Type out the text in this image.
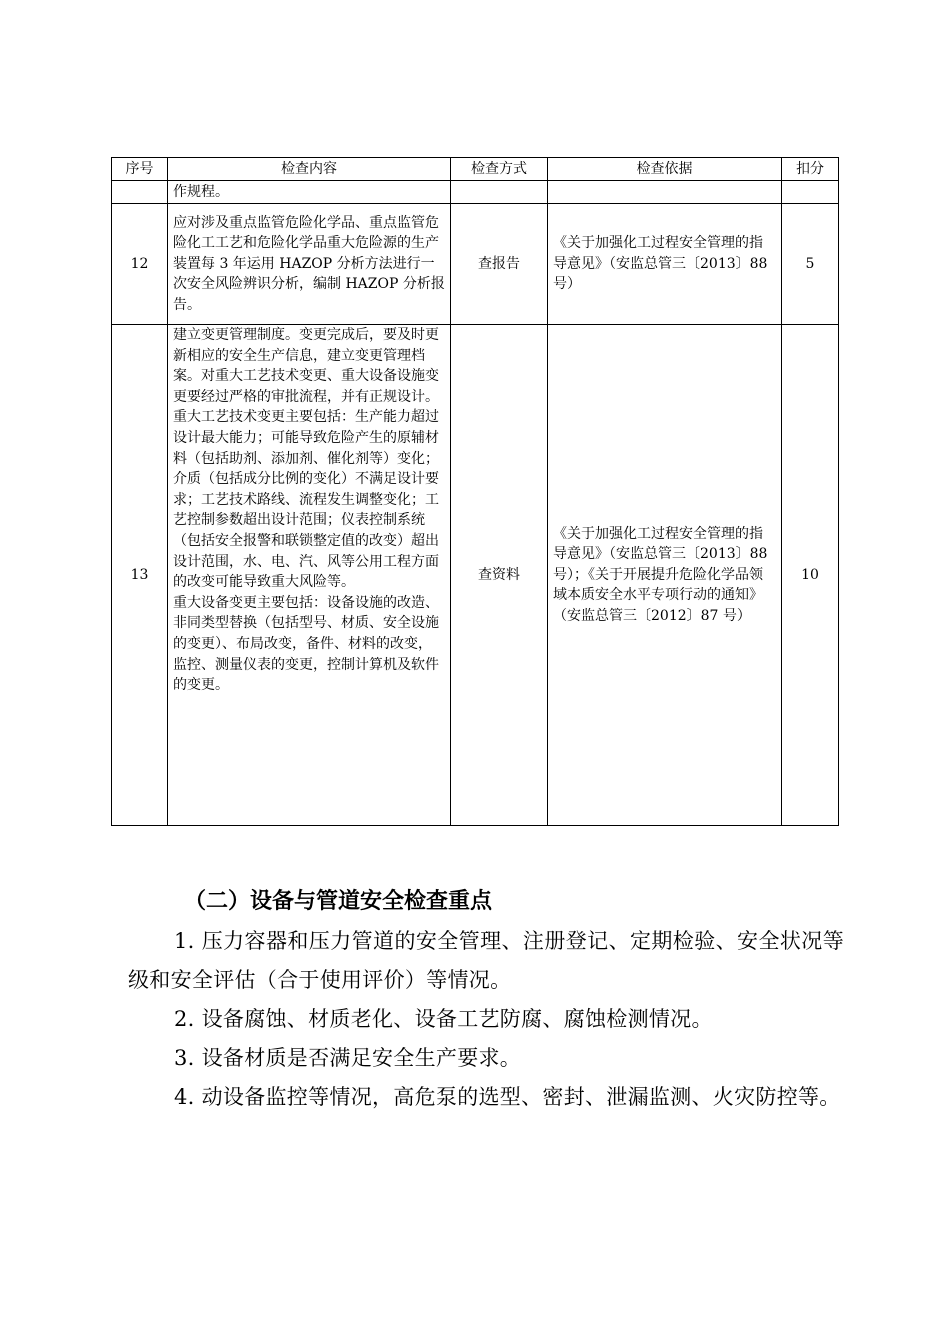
序号	检查内容	检查方式	检查依据	扣分
	作规程。			
12	应对涉及重点监管危险化学品、重点监管危险化工工艺和危险化学品重大危险源的生产装置每 3 年运用 HAZOP 分析方法进行一次安全风险辨识分析，编制 HAZOP 分析报告。	查报告	《关于加强化工过程安全管理的指导意见》（安监总管三〔2013〕88 号）	5
13	建立变更管理制度。变更完成后，要及时更新相应的安全生产信息，建立变更管理档案。对重大工艺技术变更、重大设备设施变更要经过严格的审批流程，并有正规设计。
重大工艺技术变更主要包括：生产能力超过设计最大能力；可能导致危险产生的原辅材料（包括助剂、添加剂、催化剂等）变化；介质（包括成分比例的变化）不满足设计要求；工艺技术路线、流程发生调整变化；工艺控制参数超出设计范围；仪表控制系统（包括安全报警和联锁整定值的改变）超出设计范围，水、电、汽、风等公用工程方面的改变可能导致重大风险等。
重大设备变更主要包括：设备设施的改造、非同类型替换（包括型号、材质、安全设施的变更）、布局改变，备件、材料的改变，监控、测量仪表的变更，控制计算机及软件的变更。	查资料	《关于加强化工过程安全管理的指导意见》（安监总管三〔2013〕88 号）；《关于开展提升危险化学品领域本质安全水平专项行动的通知》（安监总管三〔2012〕87 号）	10
（二）设备与管道安全检查重点

1. 压力容器和压力管道的安全管理、注册登记、定期检验、安全状况等级和安全评估（合于使用评价）等情况。

2. 设备腐蚀、材质老化、设备工艺防腐、腐蚀检测情况。

3. 设备材质是否满足安全生产要求。

4. 动设备监控等情况，高危泵的选型、密封、泄漏监测、火灾防控等。
